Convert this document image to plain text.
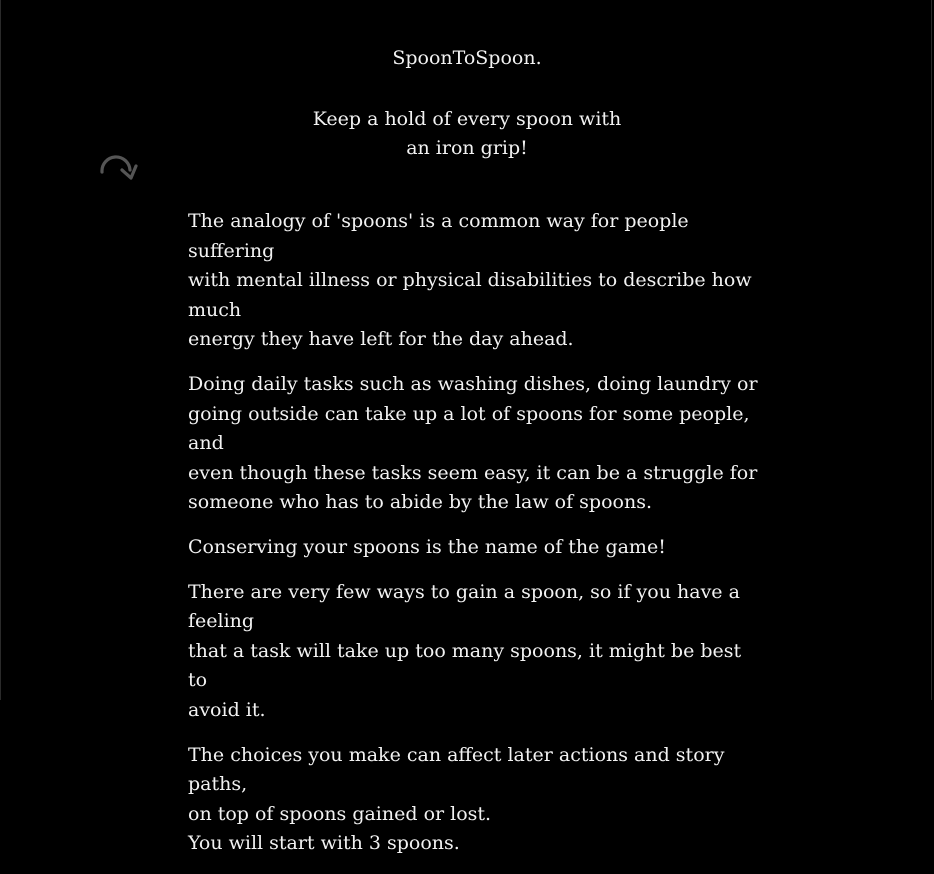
SpoonToSpoon.
Keep a hold of every spoon with
an iron grip!

The analogy of 'spoons' is a common way for people suffering
with mental illness or physical disabilities to describe how much
energy they have left for the day ahead.

Doing daily tasks such as washing dishes, doing laundry or
going outside can take up a lot of spoons for some people, and
even though these tasks seem easy, it can be a struggle for
someone who has to abide by the law of spoons.

Conserving your spoons is the name of the game!

There are very few ways to gain a spoon, so if you have a feeling
that a task will take up too many spoons, it might be best to
avoid it.

The choices you make can affect later actions and story paths,
on top of spoons gained or lost.
You will start with 3 spoons.
